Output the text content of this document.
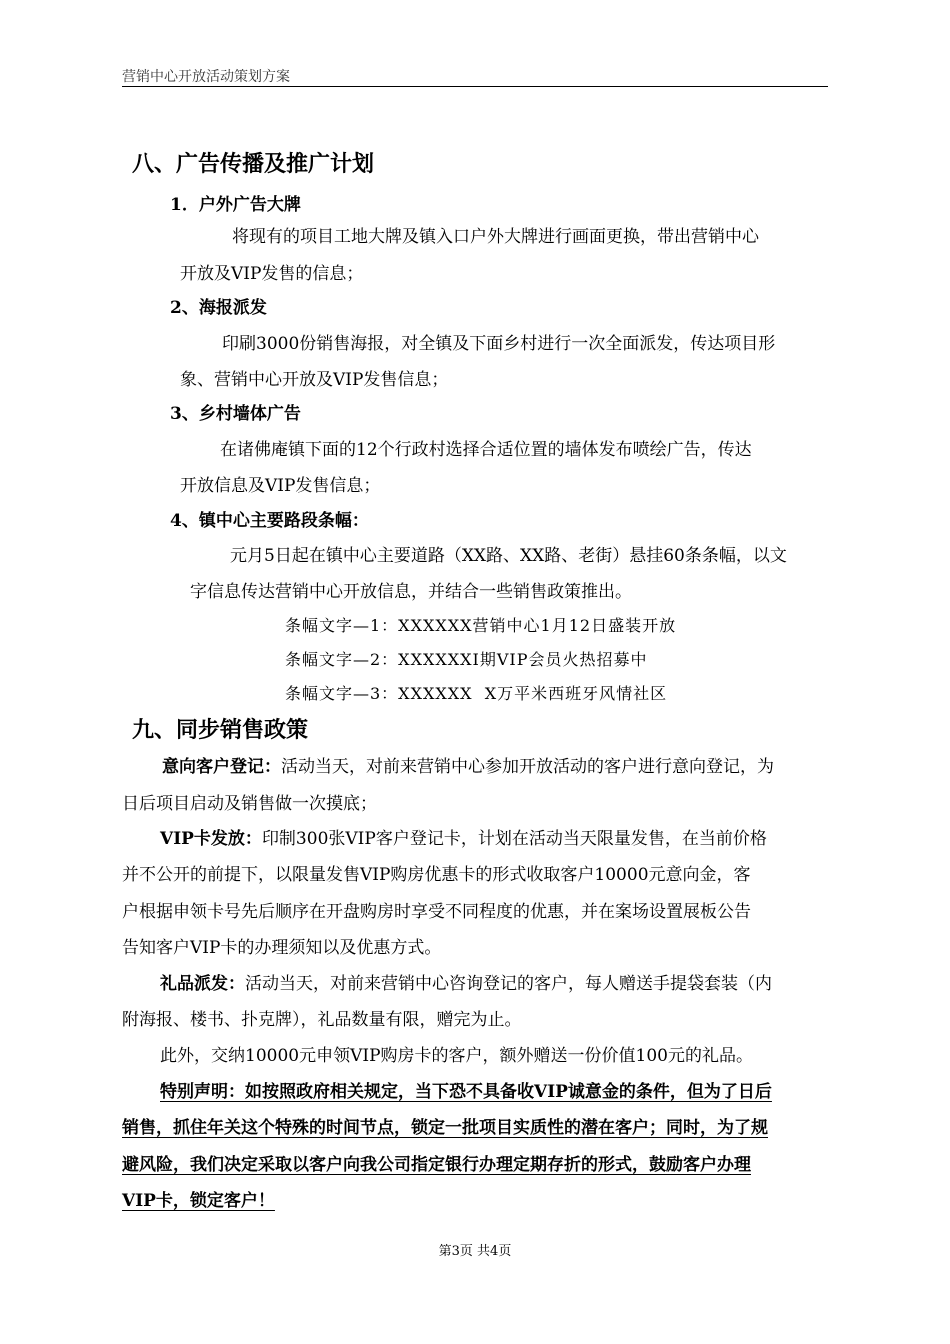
营销中心开放活动策划方案
八、广告传播及推广计划
1．户外广告大牌
将现有的项目工地大牌及镇入口户外大牌进行画面更换，带出营销中心
开放及VIP发售的信息；
2、海报派发
印刷3000份销售海报，对全镇及下面乡村进行一次全面派发，传达项目形
象、营销中心开放及VIP发售信息；
3、乡村墙体广告
在诸佛庵镇下面的12个行政村选择合适位置的墙体发布喷绘广告，传达
开放信息及VIP发售信息；
4、镇中心主要路段条幅：
元月5日起在镇中心主要道路（XX路、XX路、老街）悬挂60条条幅，以文
字信息传达营销中心开放信息，并结合一些销售政策推出。
条幅文字—1：XXXXXX营销中心1月12日盛装开放
条幅文字—2：XXXXXXI期VIP会员火热招募中
条幅文字—3：XXXXXX  X万平米西班牙风情社区
九、同步销售政策
意向客户登记：活动当天，对前来营销中心参加开放活动的客户进行意向登记，为
日后项目启动及销售做一次摸底；
VIP卡发放：印制300张VIP客户登记卡，计划在活动当天限量发售，在当前价格
并不公开的前提下，以限量发售VIP购房优惠卡的形式收取客户10000元意向金，客
户根据申领卡号先后顺序在开盘购房时享受不同程度的优惠，并在案场设置展板公告
告知客户VIP卡的办理须知以及优惠方式。
礼品派发：活动当天，对前来营销中心咨询登记的客户，每人赠送手提袋套装（内
附海报、楼书、扑克牌），礼品数量有限，赠完为止。
此外，交纳10000元申领VIP购房卡的客户，额外赠送一份价值100元的礼品。
特别声明：如按照政府相关规定，当下恐不具备收VIP诚意金的条件，但为了日后
销售，抓住年关这个特殊的时间节点，锁定一批项目实质性的潜在客户；同时，为了规
避风险，我们决定采取以客户向我公司指定银行办理定期存折的形式，鼓励客户办理
VIP卡，锁定客户！
第3页 共4页
